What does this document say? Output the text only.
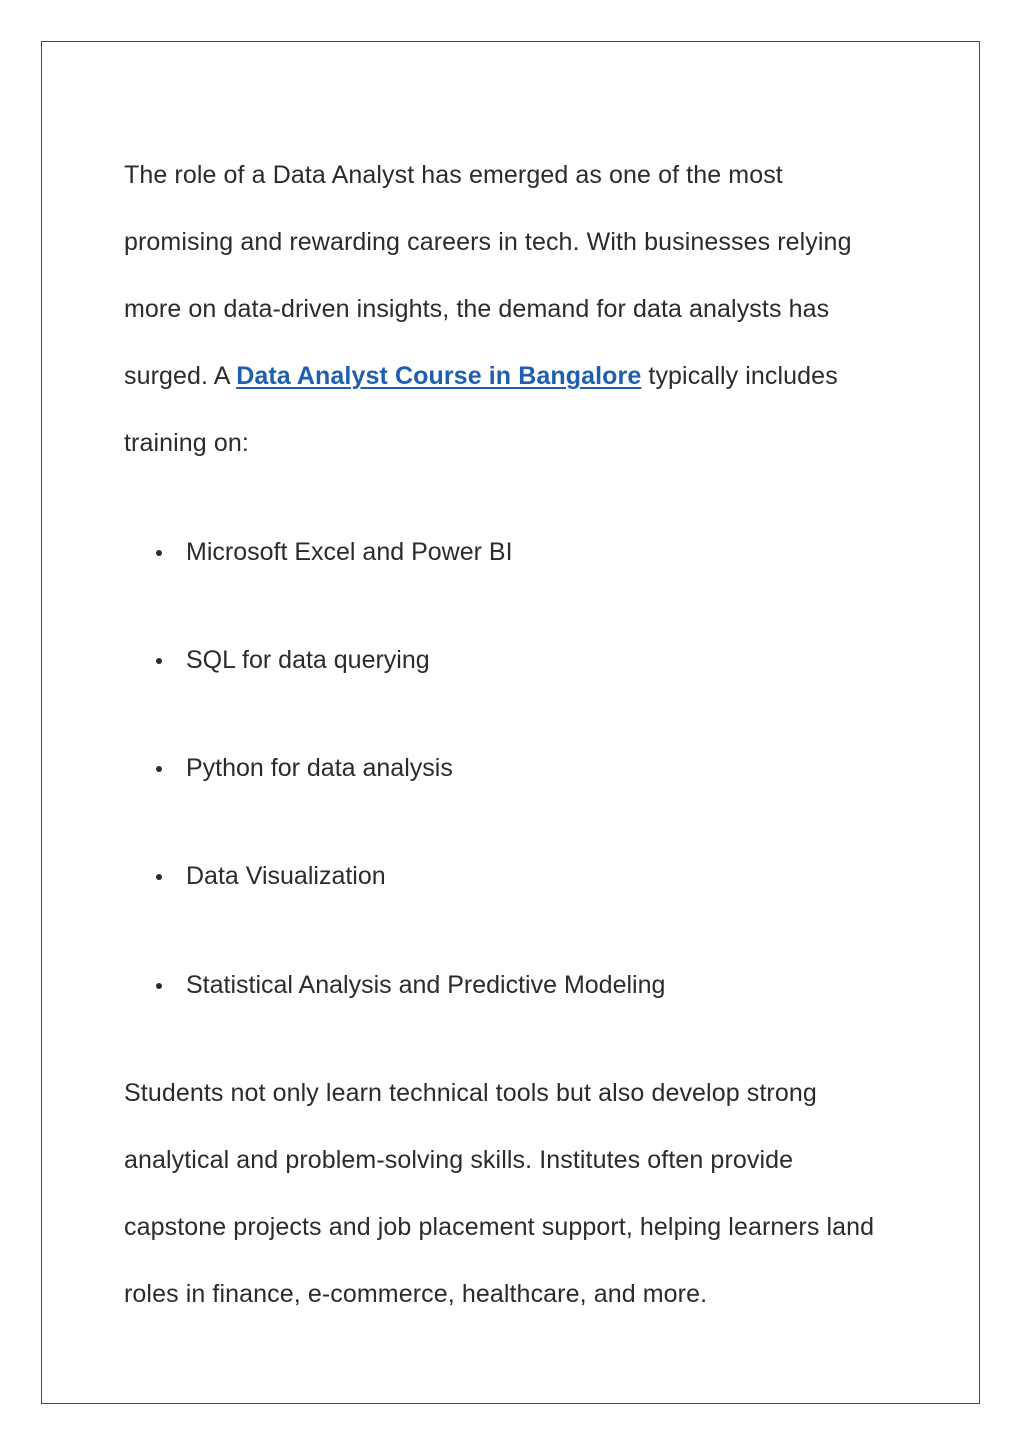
The role of a Data Analyst has emerged as one of the most
promising and rewarding careers in tech. With businesses relying
more on data-driven insights, the demand for data analysts has
surged. A Data Analyst Course in Bangalore typically includes
training on:
Microsoft Excel and Power BI
SQL for data querying
Python for data analysis
Data Visualization
Statistical Analysis and Predictive Modeling
Students not only learn technical tools but also develop strong
analytical and problem-solving skills. Institutes often provide
capstone projects and job placement support, helping learners land
roles in finance, e-commerce, healthcare, and more.
